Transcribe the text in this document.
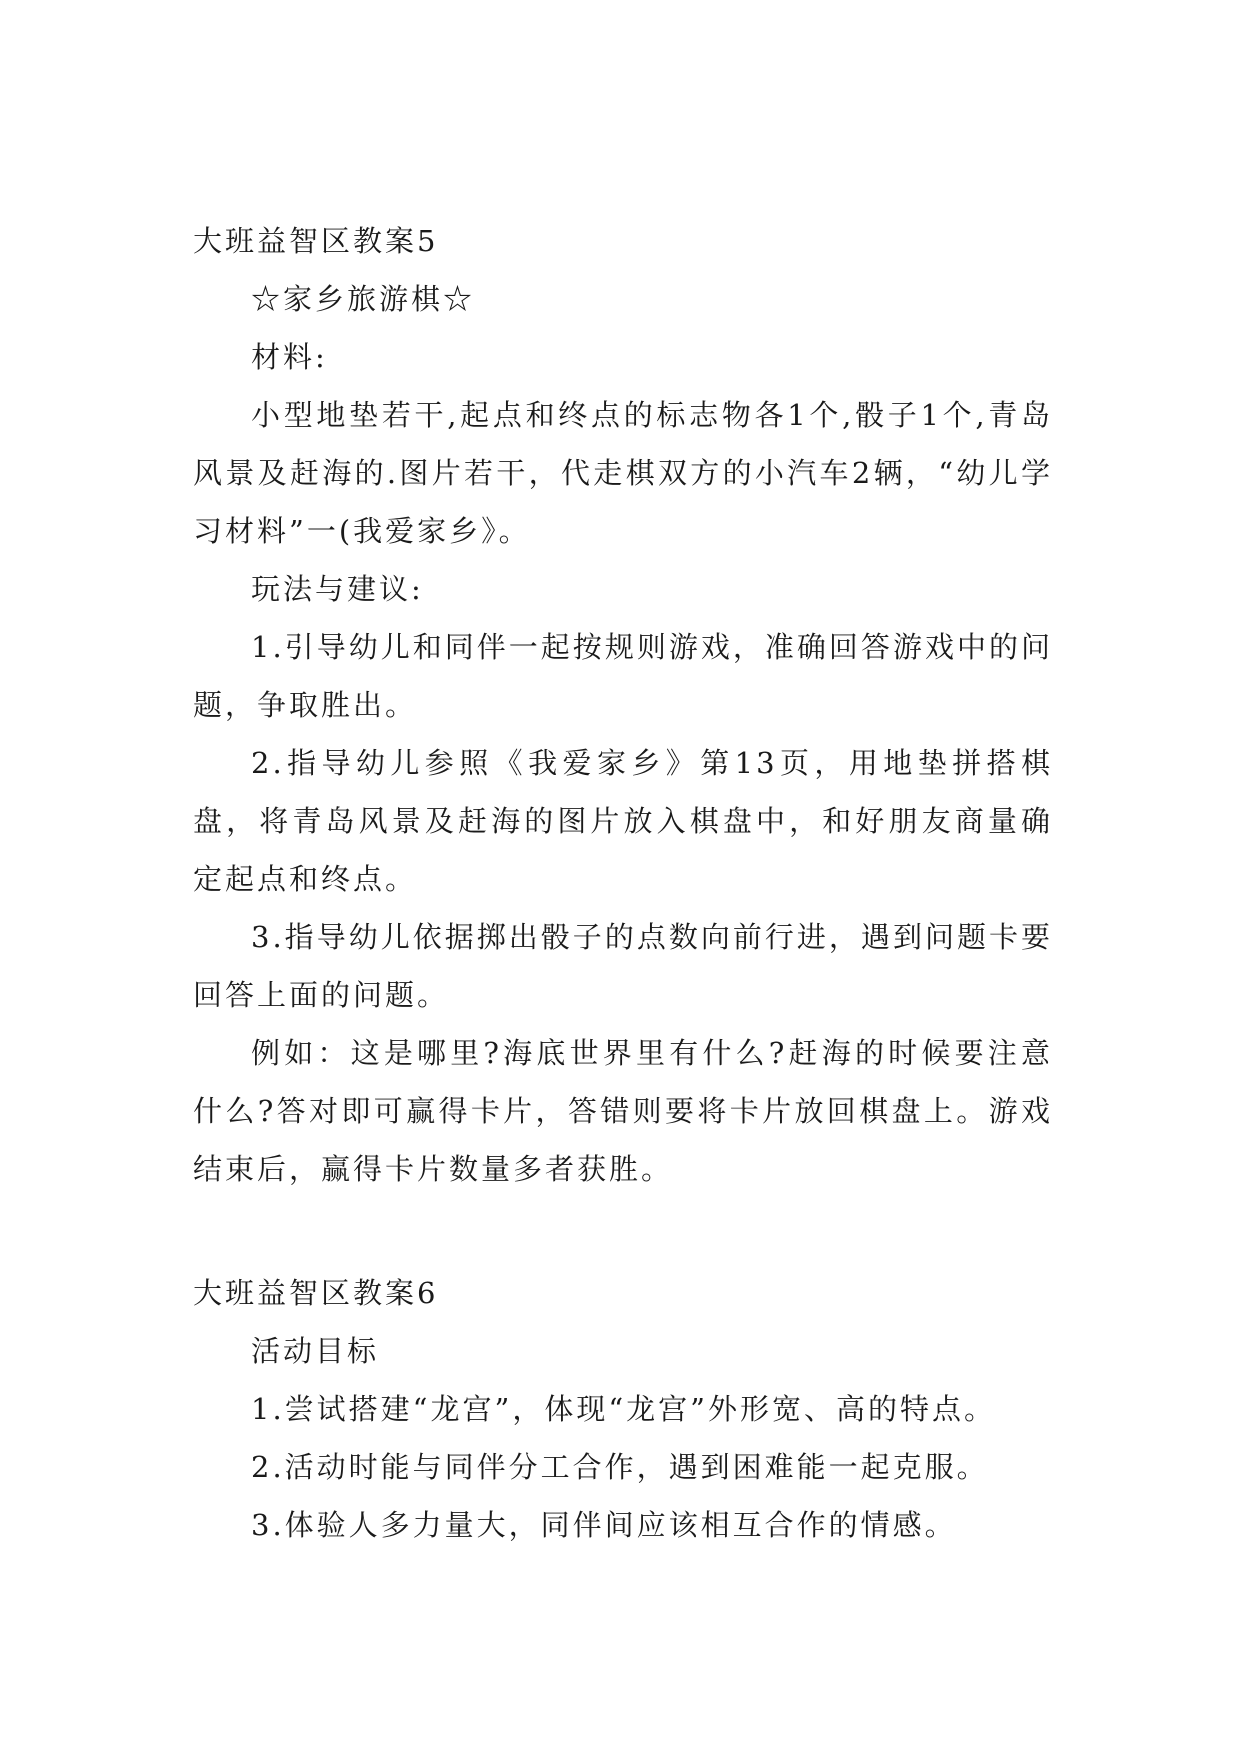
大班益智区教案5

☆家乡旅游棋☆

材料:

小型地垫若干,起点和终点的标志物各1个,骰子1个,青岛风景及赶海的.图片若干，代走棋双方的小汽车2辆，“幼儿学习材料”一(我爱家乡》。

玩法与建议:

1.引导幼儿和同伴一起按规则游戏，准确回答游戏中的问题，争取胜出。

2.指导幼儿参照《我爱家乡》第13页，用地垫拼搭棋盘，将青岛风景及赶海的图片放入棋盘中，和好朋友商量确定起点和终点。

3.指导幼儿依据掷出骰子的点数向前行进，遇到问题卡要回答上面的问题。

例如：这是哪里?海底世界里有什么?赶海的时候要注意什么?答对即可赢得卡片，答错则要将卡片放回棋盘上。游戏结束后，赢得卡片数量多者获胜。

大班益智区教案6

活动目标

1.尝试搭建“龙宫”，体现“龙宫”外形宽、高的特点。

2.活动时能与同伴分工合作，遇到困难能一起克服。

3.体验人多力量大，同伴间应该相互合作的情感。
